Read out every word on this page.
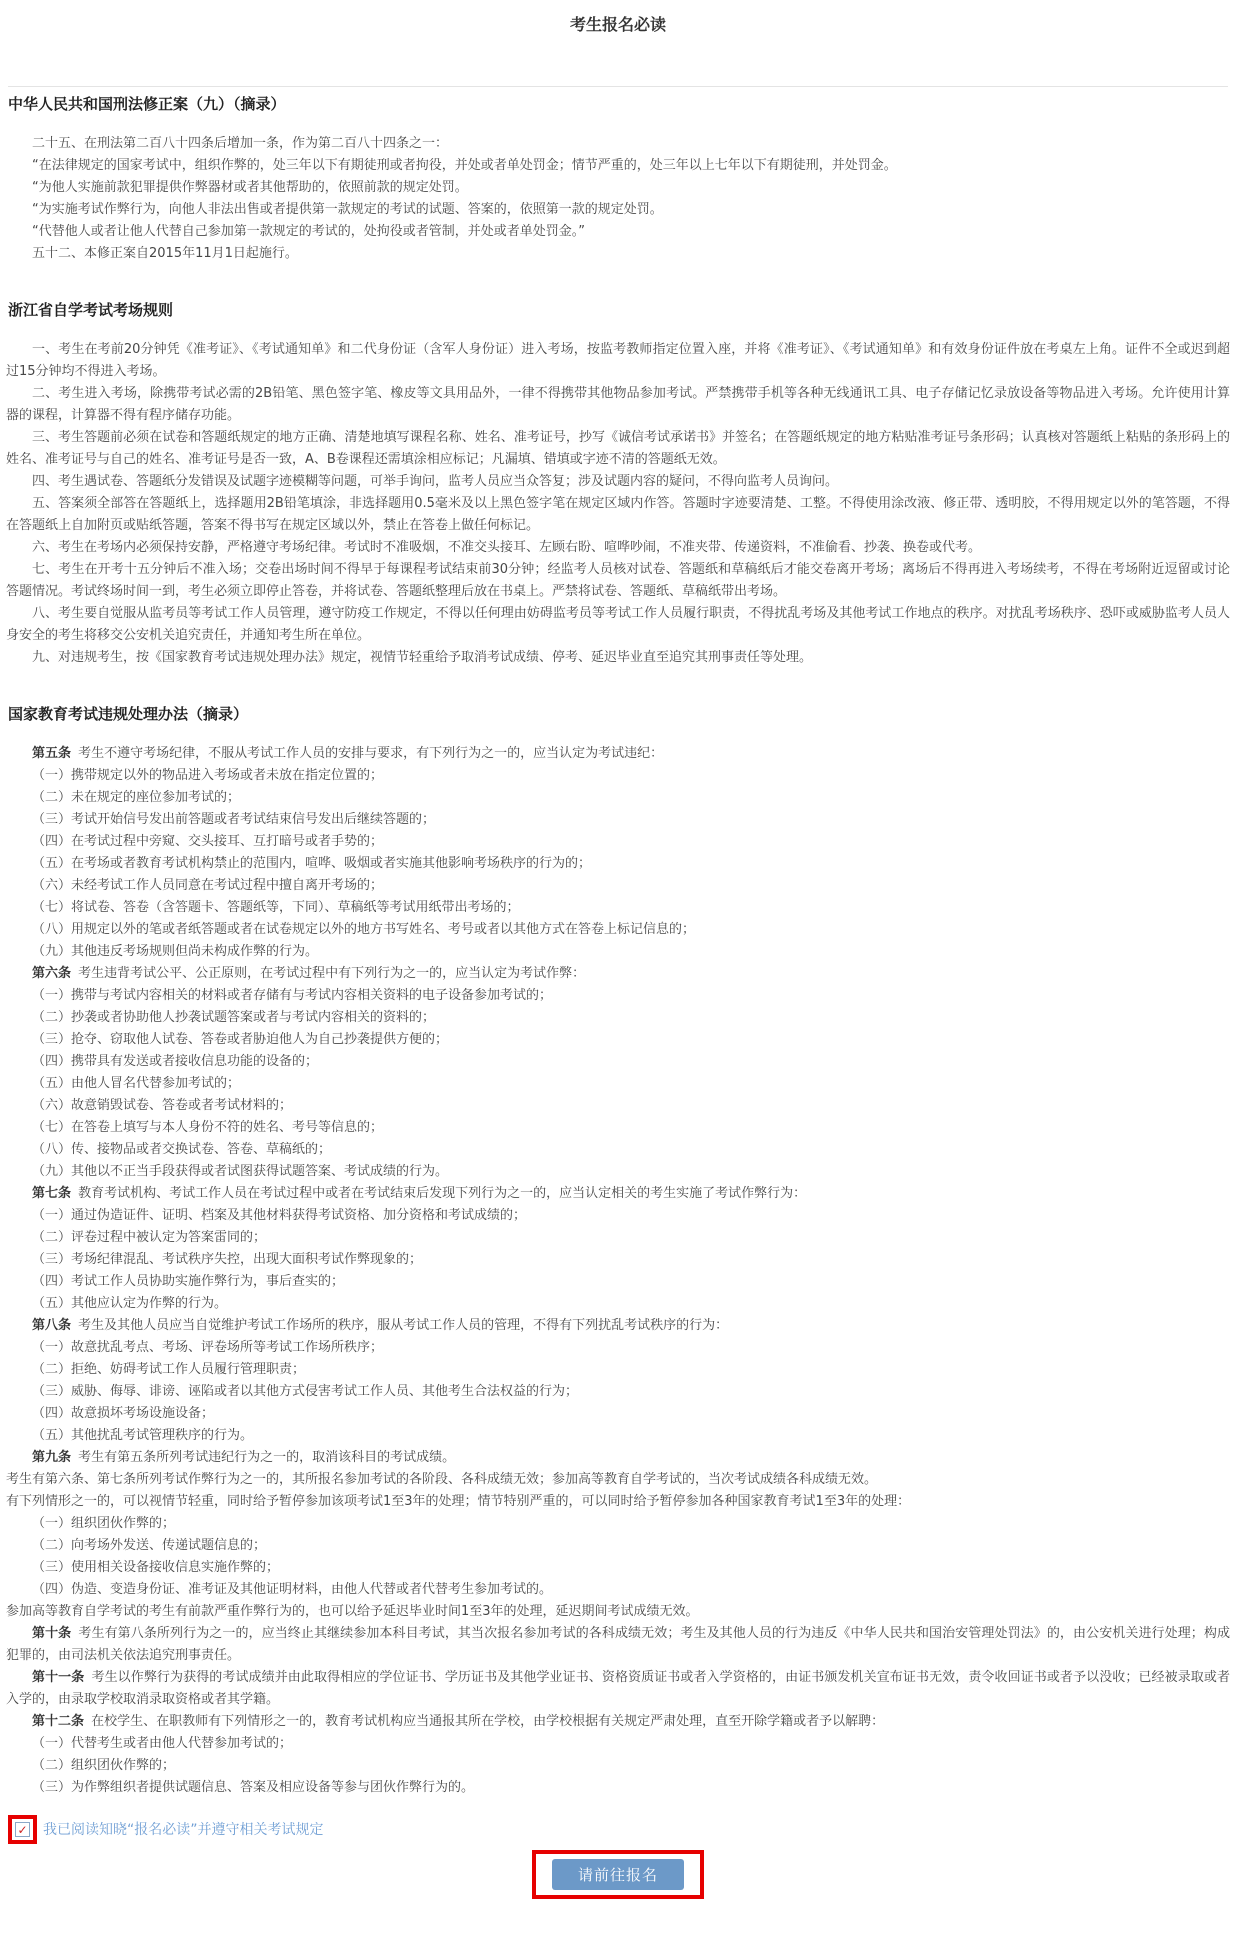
考生报名必读
中华人民共和国刑法修正案（九）（摘录）

二十五、在刑法第二百八十四条后增加一条，作为第二百八十四条之一：

“在法律规定的国家考试中，组织作弊的，处三年以下有期徒刑或者拘役，并处或者单处罚金；情节严重的，处三年以上七年以下有期徒刑，并处罚金。

“为他人实施前款犯罪提供作弊器材或者其他帮助的，依照前款的规定处罚。

“为实施考试作弊行为，向他人非法出售或者提供第一款规定的考试的试题、答案的，依照第一款的规定处罚。

“代替他人或者让他人代替自己参加第一款规定的考试的，处拘役或者管制，并处或者单处罚金。”

五十二、本修正案自2015年11月1日起施行。

浙江省自学考试考场规则

一、考生在考前20分钟凭《准考证》、《考试通知单》和二代身份证（含军人身份证）进入考场，按监考教师指定位置入座，并将《准考证》、《考试通知单》和有效身份证件放在考桌左上角。证件不全或迟到超过15分钟均不得进入考场。

二、考生进入考场，除携带考试必需的2B铅笔、黑色签字笔、橡皮等文具用品外，一律不得携带其他物品参加考试。严禁携带手机等各种无线通讯工具、电子存储记忆录放设备等物品进入考场。允许使用计算器的课程，计算器不得有程序储存功能。

三、考生答题前必须在试卷和答题纸规定的地方正确、清楚地填写课程名称、姓名、准考证号，抄写《诚信考试承诺书》并签名；在答题纸规定的地方粘贴准考证号条形码；认真核对答题纸上粘贴的条形码上的姓名、准考证号与自己的姓名、准考证号是否一致，A、B卷课程还需填涂相应标记；凡漏填、错填或字迹不清的答题纸无效。

四、考生遇试卷、答题纸分发错误及试题字迹模糊等问题，可举手询问，监考人员应当众答复；涉及试题内容的疑问，不得向监考人员询问。

五、答案须全部答在答题纸上，选择题用2B铅笔填涂，非选择题用0.5毫米及以上黑色签字笔在规定区域内作答。答题时字迹要清楚、工整。不得使用涂改液、修正带、透明胶，不得用规定以外的笔答题，不得在答题纸上自加附页或贴纸答题，答案不得书写在规定区域以外，禁止在答卷上做任何标记。

六、考生在考场内必须保持安静，严格遵守考场纪律。考试时不准吸烟，不准交头接耳、左顾右盼、喧哗吵闹，不准夹带、传递资料，不准偷看、抄袭、换卷或代考。

七、考生在开考十五分钟后不准入场；交卷出场时间不得早于每课程考试结束前30分钟；经监考人员核对试卷、答题纸和草稿纸后才能交卷离开考场；离场后不得再进入考场续考，不得在考场附近逗留或讨论答题情况。考试终场时间一到，考生必须立即停止答卷，并将试卷、答题纸整理后放在书桌上。严禁将试卷、答题纸、草稿纸带出考场。

八、考生要自觉服从监考员等考试工作人员管理，遵守防疫工作规定，不得以任何理由妨碍监考员等考试工作人员履行职责，不得扰乱考场及其他考试工作地点的秩序。对扰乱考场秩序、恐吓或威胁监考人员人身安全的考生将移交公安机关追究责任，并通知考生所在单位。

九、对违规考生，按《国家教育考试违规处理办法》规定，视情节轻重给予取消考试成绩、停考、延迟毕业直至追究其刑事责任等处理。

国家教育考试违规处理办法（摘录）

第五条 考生不遵守考场纪律，不服从考试工作人员的安排与要求，有下列行为之一的，应当认定为考试违纪：

（一）携带规定以外的物品进入考场或者未放在指定位置的；

（二）未在规定的座位参加考试的；

（三）考试开始信号发出前答题或者考试结束信号发出后继续答题的；

（四）在考试过程中旁窥、交头接耳、互打暗号或者手势的；

（五）在考场或者教育考试机构禁止的范围内，喧哗、吸烟或者实施其他影响考场秩序的行为的；

（六）未经考试工作人员同意在考试过程中擅自离开考场的；

（七）将试卷、答卷（含答题卡、答题纸等，下同）、草稿纸等考试用纸带出考场的；

（八）用规定以外的笔或者纸答题或者在试卷规定以外的地方书写姓名、考号或者以其他方式在答卷上标记信息的；

（九）其他违反考场规则但尚未构成作弊的行为。

第六条 考生违背考试公平、公正原则，在考试过程中有下列行为之一的，应当认定为考试作弊：

（一）携带与考试内容相关的材料或者存储有与考试内容相关资料的电子设备参加考试的；

（二）抄袭或者协助他人抄袭试题答案或者与考试内容相关的资料的；

（三）抢夺、窃取他人试卷、答卷或者胁迫他人为自己抄袭提供方便的；

（四）携带具有发送或者接收信息功能的设备的；

（五）由他人冒名代替参加考试的；

（六）故意销毁试卷、答卷或者考试材料的；

（七）在答卷上填写与本人身份不符的姓名、考号等信息的；

（八）传、接物品或者交换试卷、答卷、草稿纸的；

（九）其他以不正当手段获得或者试图获得试题答案、考试成绩的行为。

第七条 教育考试机构、考试工作人员在考试过程中或者在考试结束后发现下列行为之一的，应当认定相关的考生实施了考试作弊行为：

（一）通过伪造证件、证明、档案及其他材料获得考试资格、加分资格和考试成绩的；

（二）评卷过程中被认定为答案雷同的；

（三）考场纪律混乱、考试秩序失控，出现大面积考试作弊现象的；

（四）考试工作人员协助实施作弊行为，事后查实的；

（五）其他应认定为作弊的行为。

第八条 考生及其他人员应当自觉维护考试工作场所的秩序，服从考试工作人员的管理，不得有下列扰乱考试秩序的行为：

（一）故意扰乱考点、考场、评卷场所等考试工作场所秩序；

（二）拒绝、妨碍考试工作人员履行管理职责；

（三）威胁、侮辱、诽谤、诬陷或者以其他方式侵害考试工作人员、其他考生合法权益的行为；

（四）故意损坏考场设施设备；

（五）其他扰乱考试管理秩序的行为。

第九条 考生有第五条所列考试违纪行为之一的，取消该科目的考试成绩。

考生有第六条、第七条所列考试作弊行为之一的，其所报名参加考试的各阶段、各科成绩无效；参加高等教育自学考试的，当次考试成绩各科成绩无效。

有下列情形之一的，可以视情节轻重，同时给予暂停参加该项考试1至3年的处理；情节特别严重的，可以同时给予暂停参加各种国家教育考试1至3年的处理：

（一）组织团伙作弊的；

（二）向考场外发送、传递试题信息的；

（三）使用相关设备接收信息实施作弊的；

（四）伪造、变造身份证、准考证及其他证明材料，由他人代替或者代替考生参加考试的。

参加高等教育自学考试的考生有前款严重作弊行为的，也可以给予延迟毕业时间1至3年的处理，延迟期间考试成绩无效。

第十条 考生有第八条所列行为之一的，应当终止其继续参加本科目考试，其当次报名参加考试的各科成绩无效；考生及其他人员的行为违反《中华人民共和国治安管理处罚法》的，由公安机关进行处理；构成犯罪的，由司法机关依法追究刑事责任。

第十一条 考生以作弊行为获得的考试成绩并由此取得相应的学位证书、学历证书及其他学业证书、资格资质证书或者入学资格的，由证书颁发机关宣布证书无效，责令收回证书或者予以没收；已经被录取或者入学的，由录取学校取消录取资格或者其学籍。

第十二条 在校学生、在职教师有下列情形之一的，教育考试机构应当通报其所在学校，由学校根据有关规定严肃处理，直至开除学籍或者予以解聘：

（一）代替考生或者由他人代替参加考试的；

（二）组织团伙作弊的；

（三）为作弊组织者提供试题信息、答案及相应设备等参与团伙作弊行为的。

✓ 我已阅读知晓“报名必读”并遵守相关考试规定
请前往报名
